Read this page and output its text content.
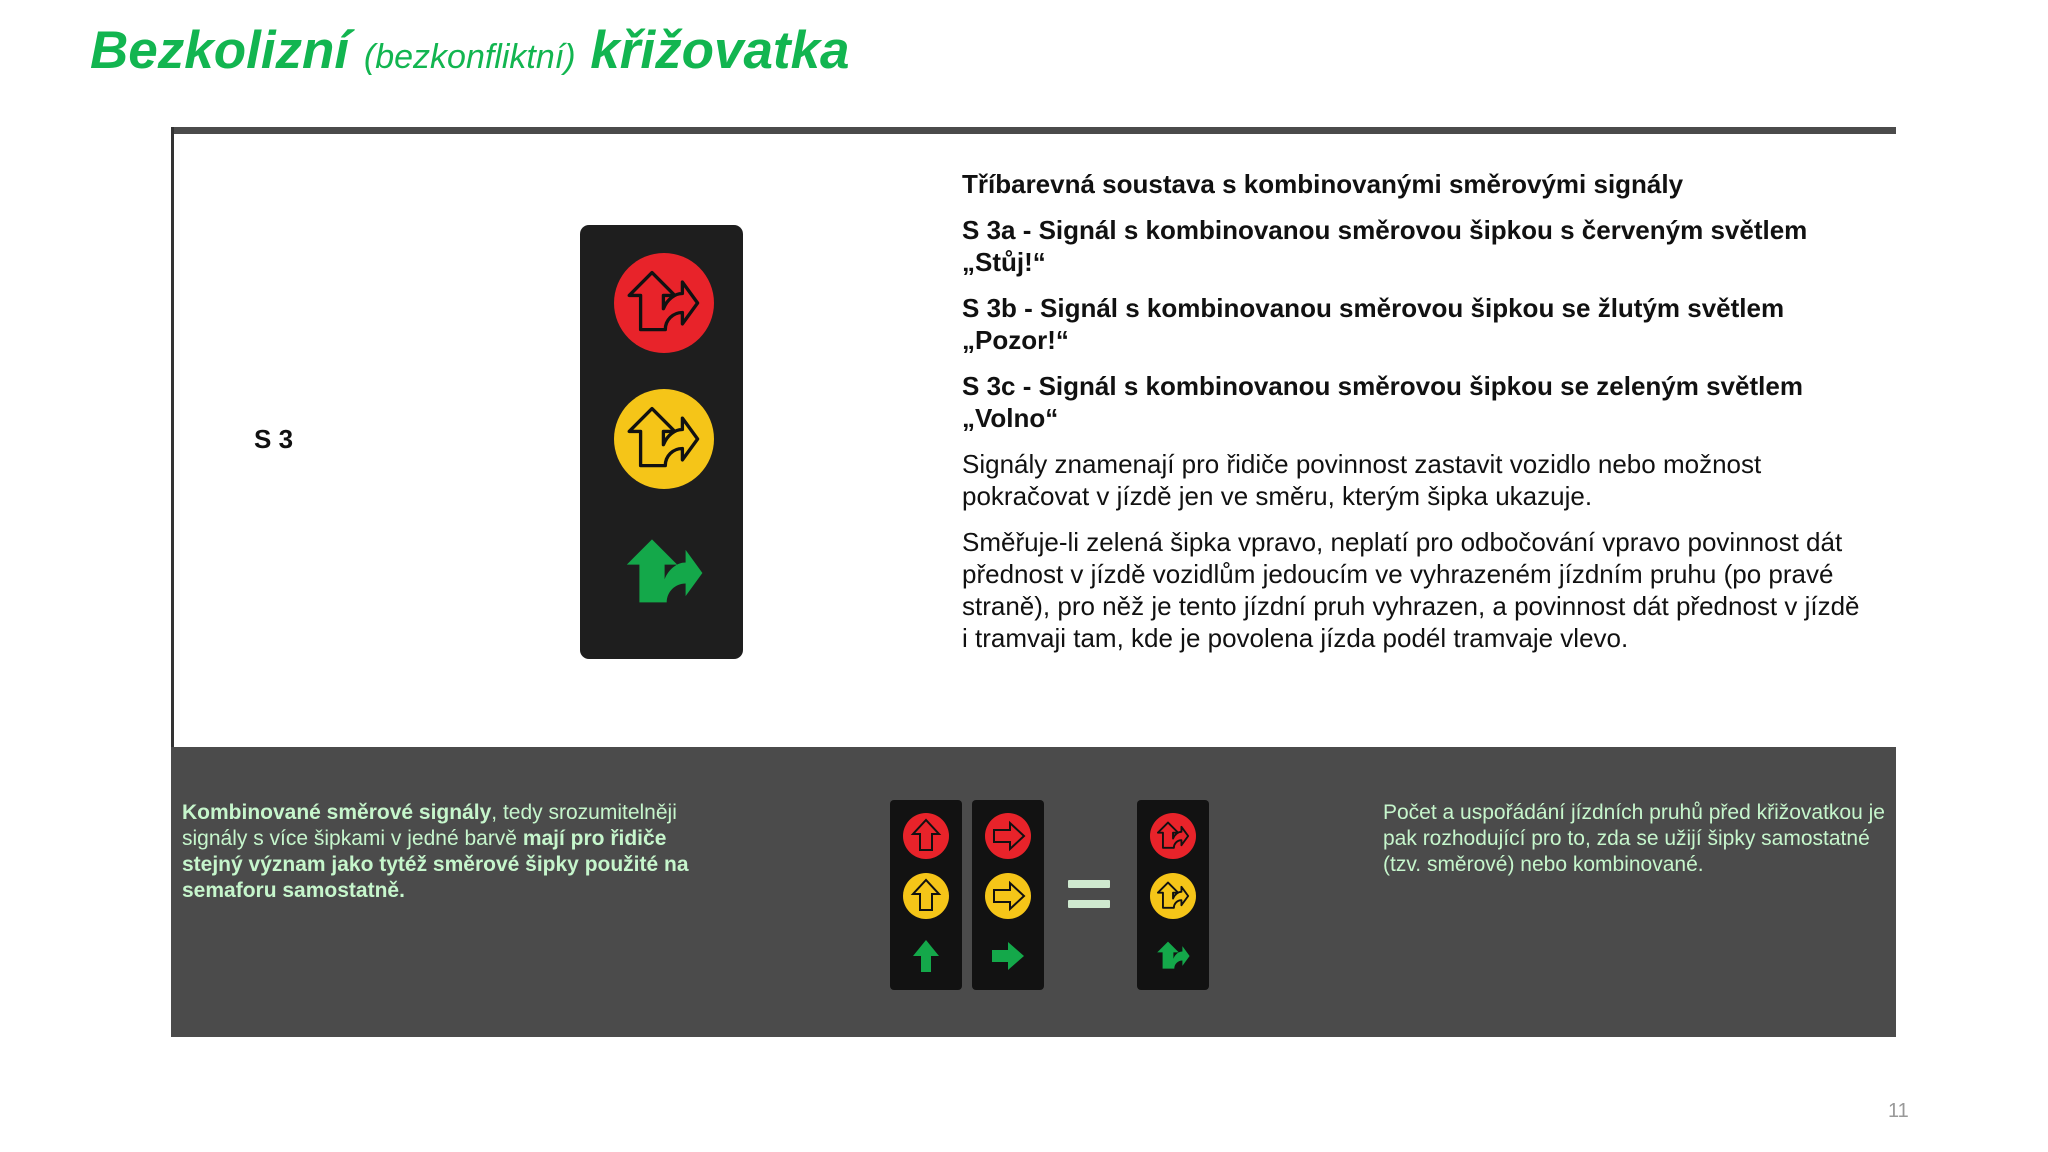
Bezkolizní (bezkonfliktní) křižovatka
S 3

Tříbarevná soustava s kombinovanými směrovými signály

S 3a - Signál s kombinovanou směrovou šipkou s červeným světlem „Stůj!“

S 3b - Signál s kombinovanou směrovou šipkou se žlutým světlem „Pozor!“

S 3c - Signál s kombinovanou směrovou šipkou se zeleným světlem „Volno“

Signály znamenají pro řidiče povinnost zastavit vozidlo nebo možnost pokračovat v jízdě jen ve směru, kterým šipka ukazuje.

Směřuje-li zelená šipka vpravo, neplatí pro odbočování vpravo povinnost dát přednost v jízdě vozidlům jedoucím ve vyhrazeném jízdním pruhu (po pravé straně), pro něž je tento jízdní pruh vyhrazen, a povinnost dát přednost v jízdě i tramvaji tam, kde je povolena jízda podél tramvaje vlevo.

Kombinované směrové signály, tedy srozumitelněji signály s více šipkami v jedné barvě mají pro řidiče stejný význam jako tytéž směrové šipky použité na semaforu samostatně.
Počet a uspořádání jízdních pruhů před křižovatkou je pak rozhodující pro to, zda se užijí šipky samostatné (tzv. směrové) nebo kombinované.
11
